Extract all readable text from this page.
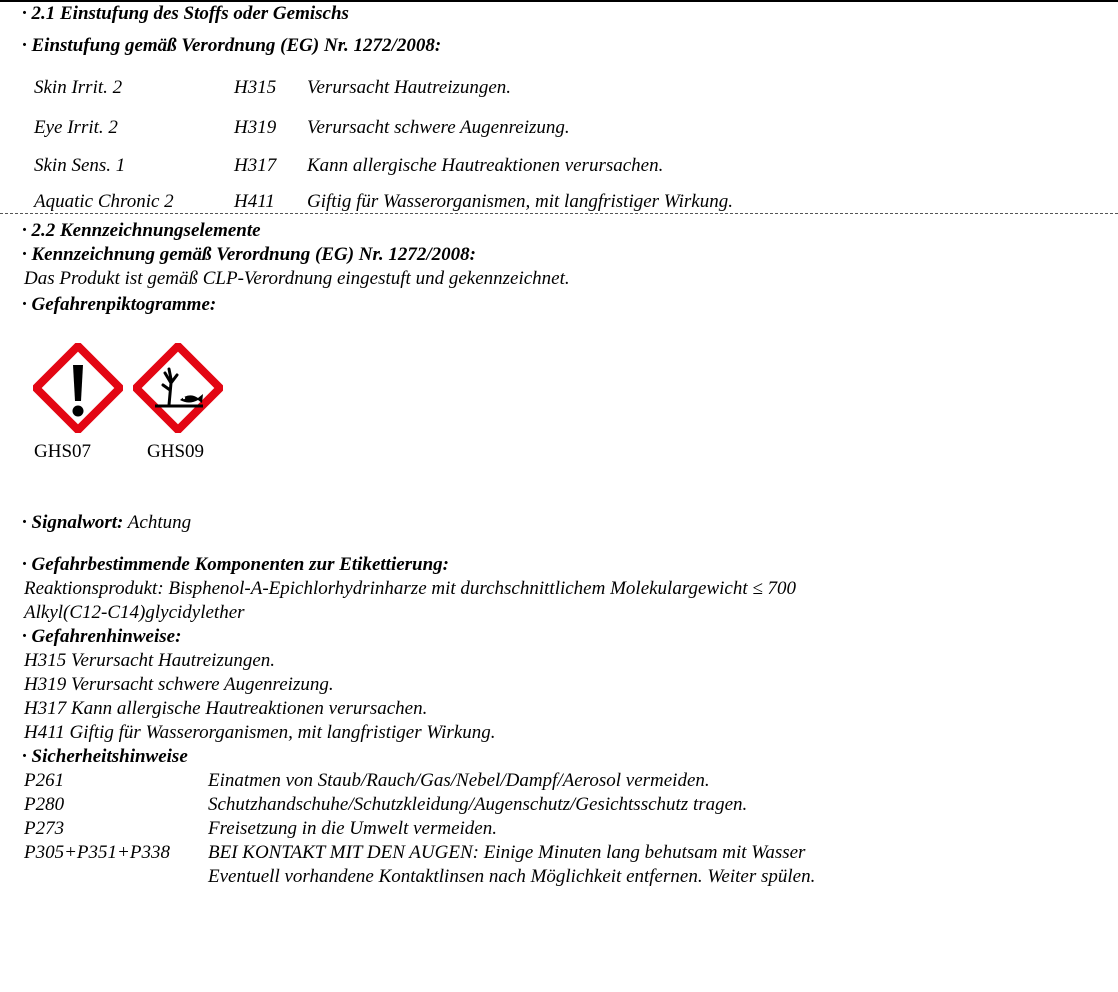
· 2.1 Einstufung des Stoffs oder Gemischs
· Einstufung gemäß Verordnung (EG) Nr. 1272/2008:
Skin Irrit. 2	H315 Verursacht Hautreizungen.
Eye Irrit. 2	H319 Verursacht schwere Augenreizung.
Skin Sens. 1	H317 Kann allergische Hautreaktionen verursachen.
Aquatic Chronic 2	H411 Giftig für Wasserorganismen, mit langfristiger Wirkung.
· 2.2 Kennzeichnungselemente
· Kennzeichnung gemäß Verordnung (EG) Nr. 1272/2008:
Das Produkt ist gemäß CLP-Verordnung eingestuft und gekennzeichnet.
· Gefahrenpiktogramme:
GHS07	GHS09
· Signalwort: Achtung
· Gefahrbestimmende Komponenten zur Etikettierung:
Reaktionsprodukt: Bisphenol-A-Epichlorhydrinharze mit durchschnittlichem Molekulargewicht ≤ 700
Alkyl(C12-C14)glycidylether
· Gefahrenhinweise:
H315 Verursacht Hautreizungen.
H319 Verursacht schwere Augenreizung.
H317 Kann allergische Hautreaktionen verursachen.
H411 Giftig für Wasserorganismen, mit langfristiger Wirkung.
· Sicherheitshinweise
P261	Einatmen von Staub/Rauch/Gas/Nebel/Dampf/Aerosol vermeiden.
P280	Schutzhandschuhe/Schutzkleidung/Augenschutz/Gesichtsschutz tragen.
P273	Freisetzung in die Umwelt vermeiden.
P305+P351+P338 BEI KONTAKT MIT DEN AUGEN: Einige Minuten lang behutsam mit Wasser
Eventuell vorhandene Kontaktlinsen nach Möglichkeit entfernen. Weiter spülen.
